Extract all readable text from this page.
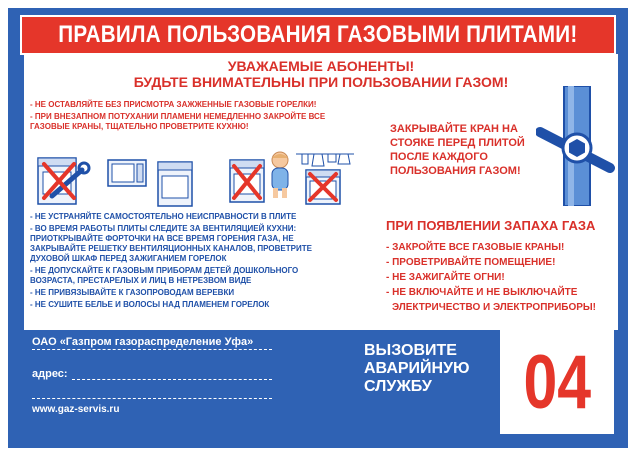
ПРАВИЛА ПОЛЬЗОВАНИЯ ГАЗОВЫМИ ПЛИТАМИ!
УВАЖАЕМЫЕ АБОНЕНТЫ!
БУДЬТЕ ВНИМАТЕЛЬНЫ ПРИ ПОЛЬЗОВАНИИ ГАЗОМ!

- НЕ ОСТАВЛЯЙТЕ БЕЗ ПРИСМОТРА ЗАЖЖЕННЫЕ ГАЗОВЫЕ ГОРЕЛКИ!

- ПРИ ВНЕЗАПНОМ ПОТУХАНИИ ПЛАМЕНИ НЕМЕДЛЕННО ЗАКРОЙТЕ ВСЕ ГАЗОВЫЕ КРАНЫ, ТЩАТЕЛЬНО ПРОВЕТРИТЕ КУХНЮ!

- НЕ УСТРАНЯЙТЕ САМОСТОЯТЕЛЬНО НЕИСПРАВНОСТИ В ПЛИТЕ

- ВО ВРЕМЯ РАБОТЫ ПЛИТЫ СЛЕДИТЕ ЗА ВЕНТИЛЯЦИЕЙ КУХНИ: ПРИОТКРЫВАЙТЕ ФОРТОЧКИ НА ВСЕ ВРЕМЯ ГОРЕНИЯ ГАЗА, НЕ ЗАКРЫВАЙТЕ РЕШЕТКУ ВЕНТИЛЯЦИОННЫХ КАНАЛОВ, ПРОВЕТРИТЕ ДУХОВОЙ ШКАФ ПЕРЕД ЗАЖИГАНИЕМ ГОРЕЛОК

- НЕ ДОПУСКАЙТЕ К ГАЗОВЫМ ПРИБОРАМ ДЕТЕЙ ДОШКОЛЬНОГО ВОЗРАСТА, ПРЕСТАРЕЛЫХ И ЛИЦ В НЕТРЕЗВОМ ВИДЕ

- НЕ ПРИВЯЗЫВАЙТЕ К ГАЗОПРОВОДАМ ВЕРЕВКИ

- НЕ СУШИТЕ БЕЛЬЕ И ВОЛОСЫ НАД ПЛАМЕНЕМ ГОРЕЛОК

ЗАКРЫВАЙТЕ КРАН НА СТОЯКЕ ПЕРЕД ПЛИТОЙ ПОСЛЕ КАЖДОГО ПОЛЬЗОВАНИЯ ГАЗОМ!
ПРИ ПОЯВЛЕНИИ ЗАПАХА ГАЗА
- ЗАКРОЙТЕ ВСЕ ГАЗОВЫЕ КРАНЫ!
- ПРОВЕТРИВАЙТЕ ПОМЕЩЕНИЕ!
- НЕ ЗАЖИГАЙТЕ ОГНИ!
- НЕ ВКЛЮЧАЙТЕ И НЕ ВЫКЛЮЧАЙТЕ
ЭЛЕКТРИЧЕСТВО И ЭЛЕКТРОПРИБОРЫ!
ОАО «Газпром газораспределение Уфа»
адрес:
www.gaz-servis.ru
ВЫЗОВИТЕ
АВАРИЙНУЮ
СЛУЖБУ	04
